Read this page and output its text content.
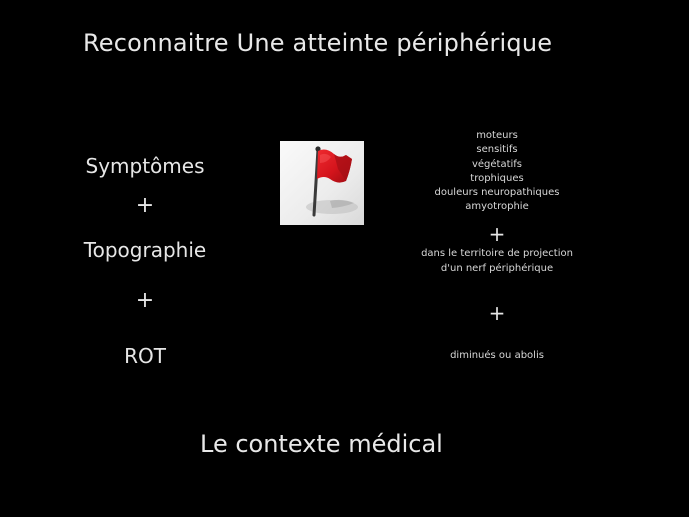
Reconnaitre Une atteinte périphérique
Symptômes
+
Topographie
+
ROT
moteurs
sensitifs
végétatifs
trophiques
douleurs neuropathiques
amyotrophie
+
dans le territoire de projection
d'un nerf périphérique
+
diminués ou abolis
Le contexte médical
